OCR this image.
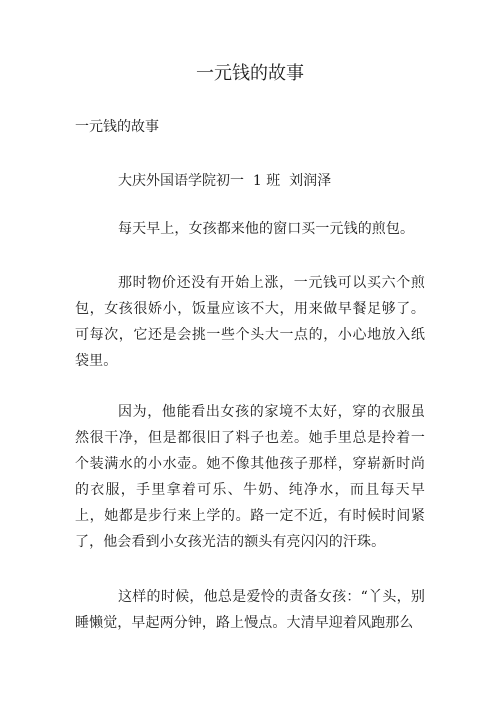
一元钱的故事

一元钱的故事

大庆外国语学院初一  1 班  刘润泽

每天早上，女孩都来他的窗口买一元钱的煎包。

那时物价还没有开始上涨，一元钱可以买六个煎包，女孩很娇小，饭量应该不大，用来做早餐足够了。可每次，它还是会挑一些个头大一点的，小心地放入纸袋里。

因为，他能看出女孩的家境不太好，穿的衣服虽然很干净，但是都很旧了料子也差。她手里总是拎着一个装满水的小水壶。她不像其他孩子那样，穿崭新时尚的衣服，手里拿着可乐、牛奶、纯净水，而且每天早上，她都是步行来上学的。路一定不近，有时候时间紧了，他会看到小女孩光洁的额头有亮闪闪的汗珠。

这样的时候，他总是爱怜的责备女孩：“丫头，别睡懒觉，早起两分钟，路上慢点。大清早迎着风跑那么
